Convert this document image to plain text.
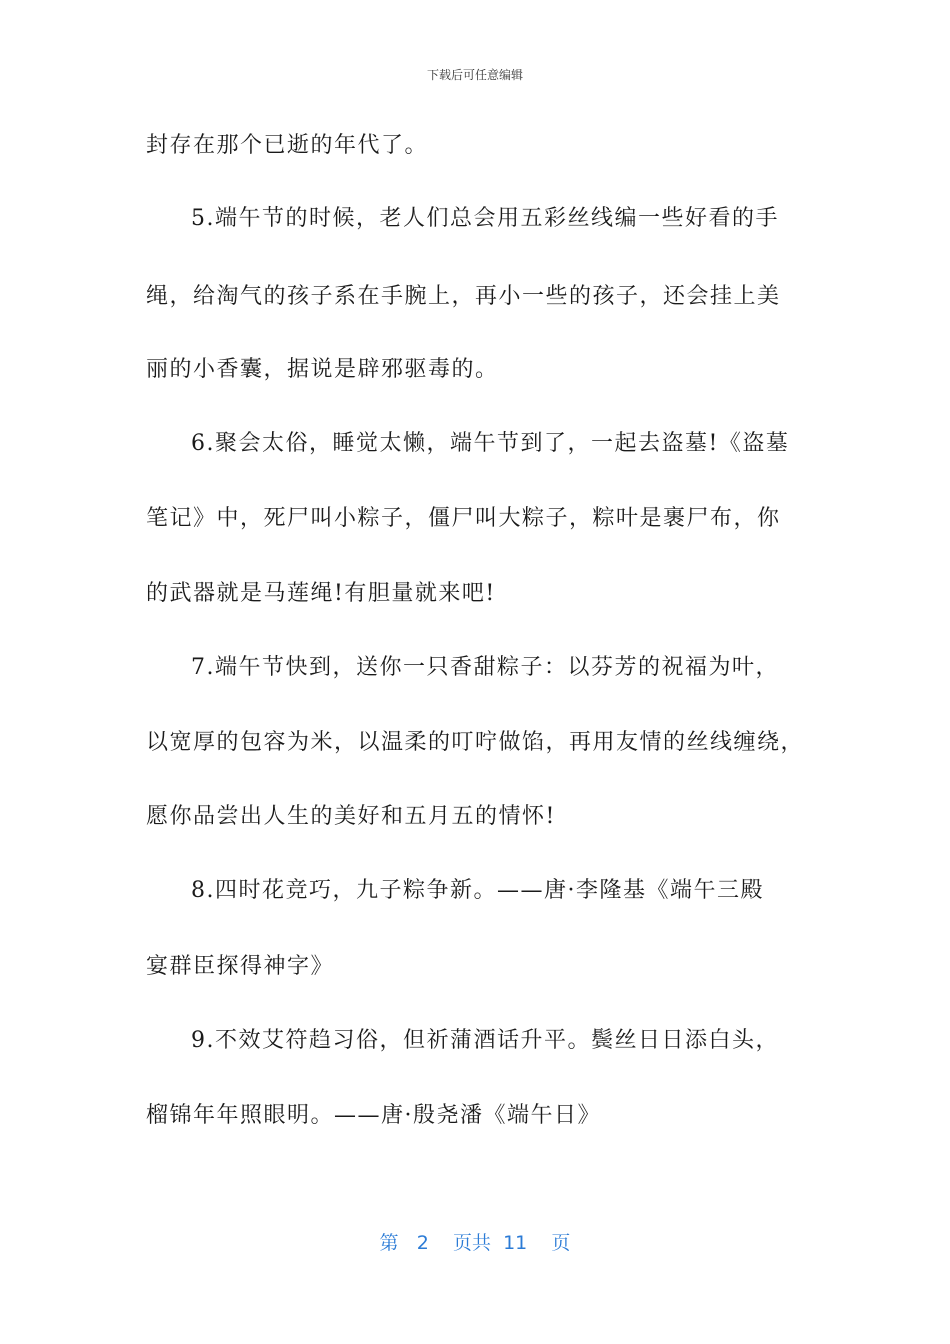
下载后可任意编辑
封存在那个已逝的年代了。
5.端午节的时候，老人们总会用五彩丝线编一些好看的手
绳，给淘气的孩子系在手腕上，再小一些的孩子，还会挂上美
丽的小香囊，据说是辟邪驱毒的。
6.聚会太俗，睡觉太懒，端午节到了，一起去盗墓!《盗墓
笔记》中，死尸叫小粽子，僵尸叫大粽子，粽叶是裹尸布，你
的武器就是马莲绳!有胆量就来吧!
7.端午节快到，送你一只香甜粽子：以芬芳的祝福为叶，
以宽厚的包容为米，以温柔的叮咛做馅，再用友情的丝线缠绕，
愿你品尝出人生的美好和五月五的情怀!
8.四时花竞巧，九子粽争新。——唐·李隆基《端午三殿
宴群臣探得神字》
9.不效艾符趋习俗，但祈蒲酒话升平。鬓丝日日添白头，
榴锦年年照眼明。——唐·殷尧潘《端午日》
第 2 页共 11 页
